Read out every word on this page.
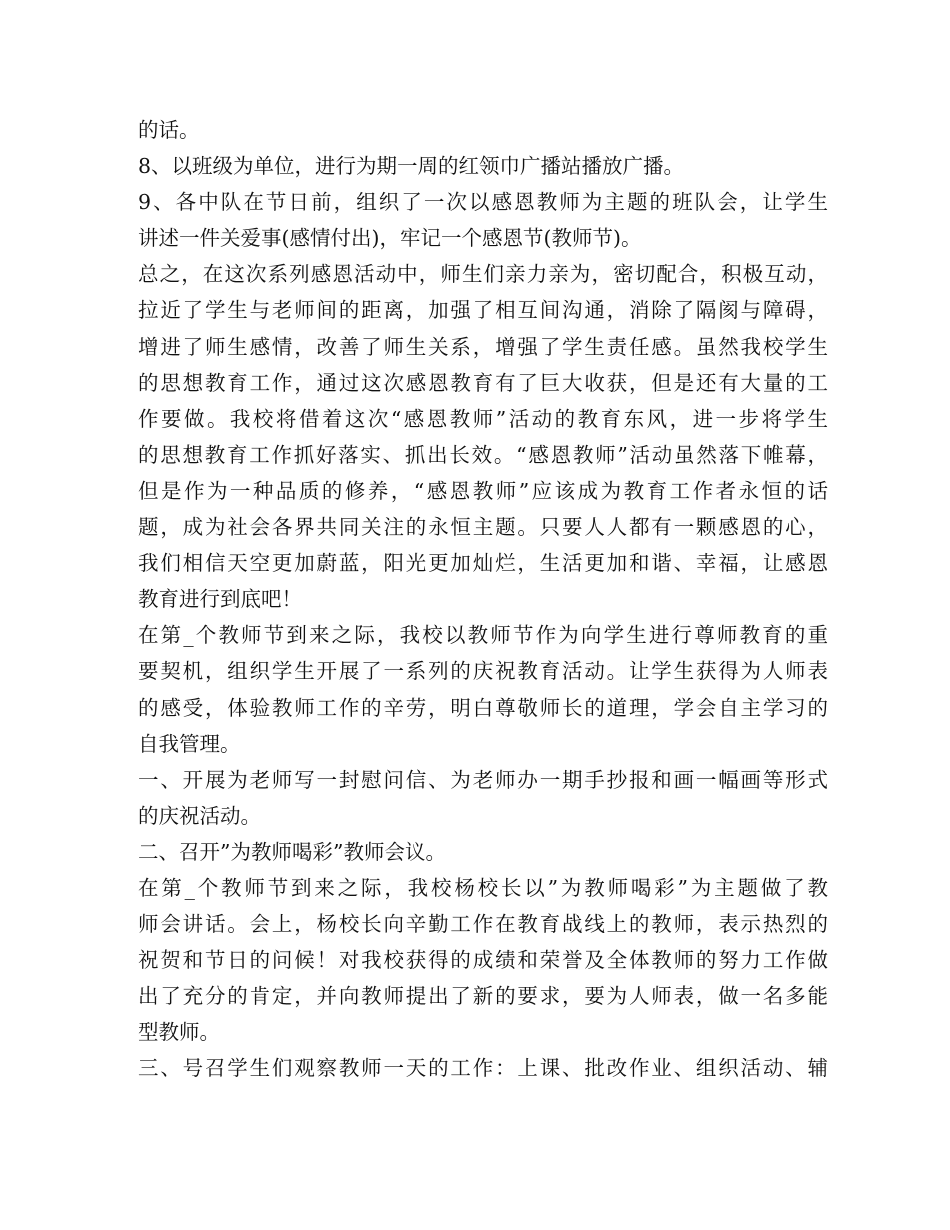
的话。
8、以班级为单位，进行为期一周的红领巾广播站播放广播。
9、各中队在节日前，组织了一次以感恩教师为主题的班队会，让学生
讲述一件关爱事(感情付出)，牢记一个感恩节(教师节)。
总之，在这次系列感恩活动中，师生们亲力亲为，密切配合，积极互动，
拉近了学生与老师间的距离，加强了相互间沟通，消除了隔阂与障碍，
增进了师生感情，改善了师生关系，增强了学生责任感。虽然我校学生
的思想教育工作，通过这次感恩教育有了巨大收获，但是还有大量的工
作要做。我校将借着这次“感恩教师”活动的教育东风，进一步将学生
的思想教育工作抓好落实、抓出长效。“感恩教师”活动虽然落下帷幕，
但是作为一种品质的修养，“感恩教师”应该成为教育工作者永恒的话
题，成为社会各界共同关注的永恒主题。只要人人都有一颗感恩的心，
我们相信天空更加蔚蓝，阳光更加灿烂，生活更加和谐、幸福，让感恩
教育进行到底吧！
在第_个教师节到来之际，我校以教师节作为向学生进行尊师教育的重
要契机，组织学生开展了一系列的庆祝教育活动。让学生获得为人师表
的感受，体验教师工作的辛劳，明白尊敬师长的道理，学会自主学习的
自我管理。
一、开展为老师写一封慰问信、为老师办一期手抄报和画一幅画等形式
的庆祝活动。
二、召开”为教师喝彩”教师会议。
在第_个教师节到来之际，我校杨校长以”为教师喝彩”为主题做了教
师会讲话。会上，杨校长向辛勤工作在教育战线上的教师，表示热烈的
祝贺和节日的问候！对我校获得的成绩和荣誉及全体教师的努力工作做
出了充分的肯定，并向教师提出了新的要求，要为人师表，做一名多能
型教师。
三、号召学生们观察教师一天的工作：上课、批改作业、组织活动、辅
